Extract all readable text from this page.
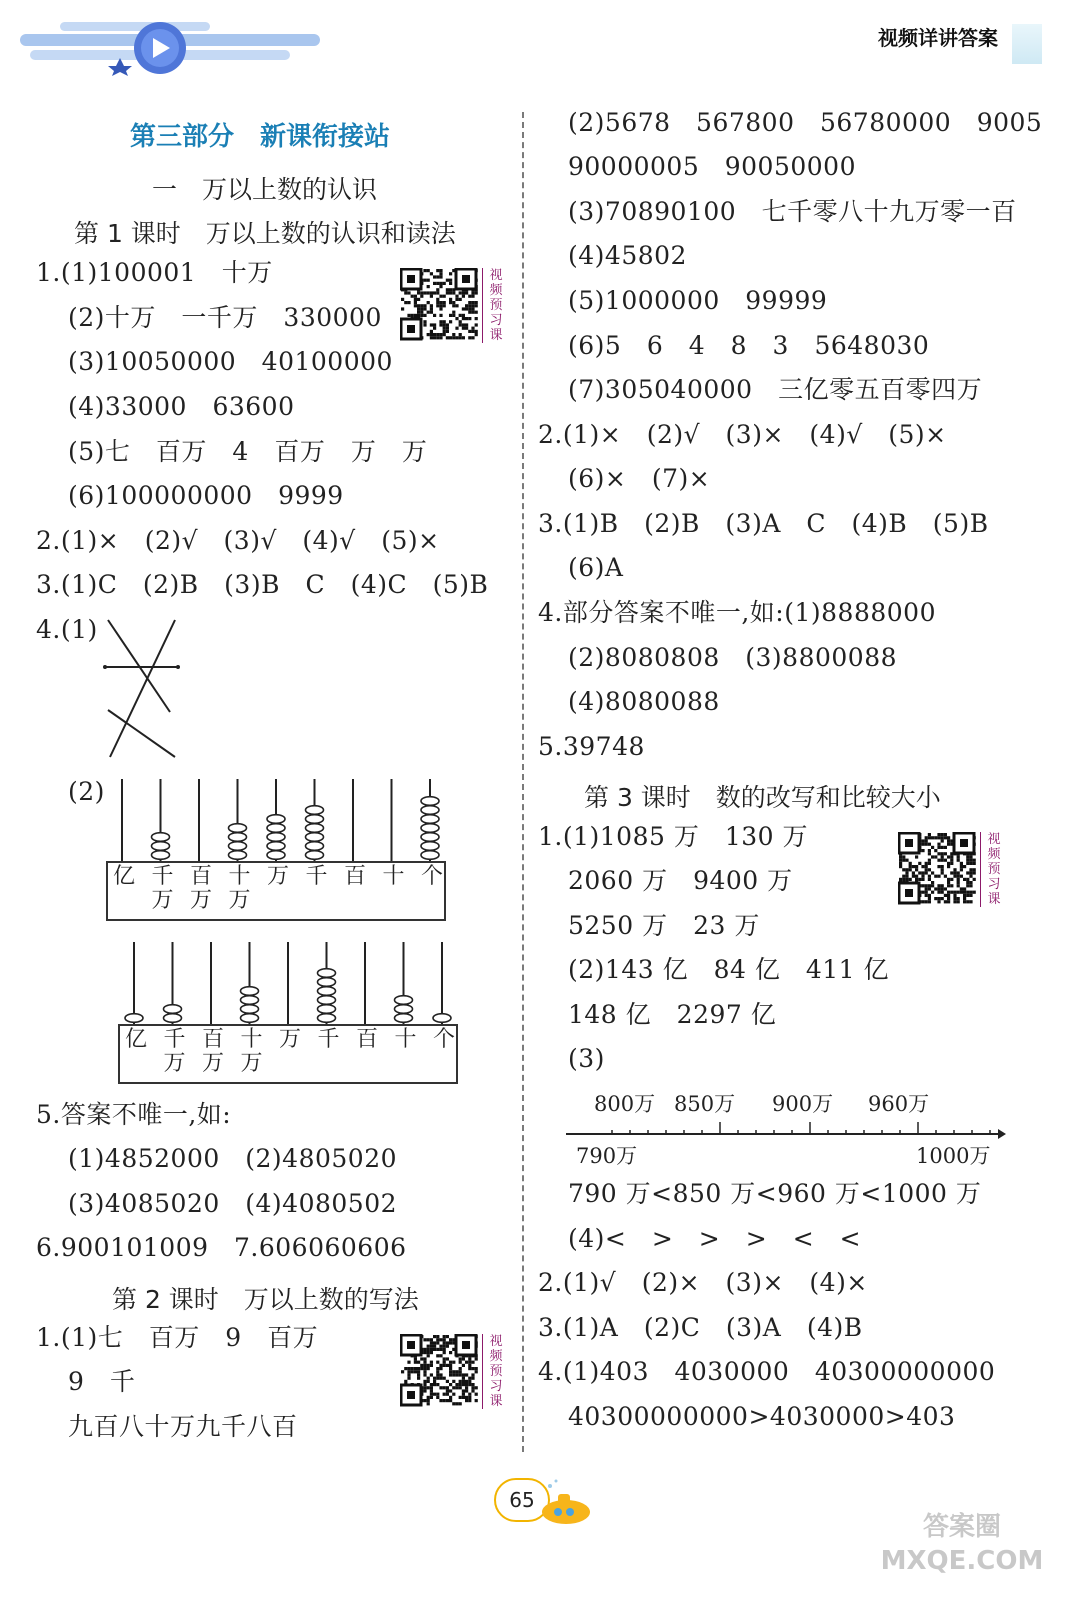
视频详讲答案
第三部分　新课衔接站
一　万以上数的认识
第 1 课时　万以上数的认识和读法
1.(1)100001　十万
(2)十万　一千万　330000
(3)10050000　40100000
(4)33000　63600
(5)七　百万　4　百万　万　万
(6)100000000　9999
视频预习课
2.(1)×　(2)√　(3)√　(4)√　(5)×
3.(1)C　(2)B　(3)B　C　(4)C　(5)B
4.(1)
(2)
亿 千万
百万
十万
万 千 百 十 个
亿 千万
百万
十万
万 千 百 十 个
5.答案不唯一,如:
(1)4852000　(2)4805020
(3)4085020　(4)4080502
6.900101009　7.606060606
第 2 课时　万以上数的写法
1.(1)七　百万　9　百万
9　千
九百八十万九千八百
视频预习课
(2)5678　567800　56780000　9005
90000005　90050000
(3)70890100　七千零八十九万零一百
(4)45802
(5)1000000　99999
(6)5　6　4　8　3　5648030
(7)305040000　三亿零五百零四万
2.(1)×　(2)√　(3)×　(4)√　(5)×
(6)×　(7)×
3.(1)B　(2)B　(3)A　C　(4)B　(5)B
(6)A
4.部分答案不唯一,如:(1)8888000
(2)8080808　(3)8800088
(4)8080088
5.39748
第 3 课时　数的改写和比较大小
1.(1)1085 万　130 万
2060 万　9400 万
5250 万　23 万
(2)143 亿　84 亿　411 亿
148 亿　2297 亿
(3)
视频预习课
800万 850万 900万 960万
790万	1000万
790 万<850 万<960 万<1000 万
(4)<　>　>　>　<　<
2.(1)√　(2)×　(3)×　(4)×
3.(1)A　(2)C　(3)A　(4)B
4.(1)403　4030000　40300000000
40300000000>4030000>403
65
答案圈 MXQE.COM
